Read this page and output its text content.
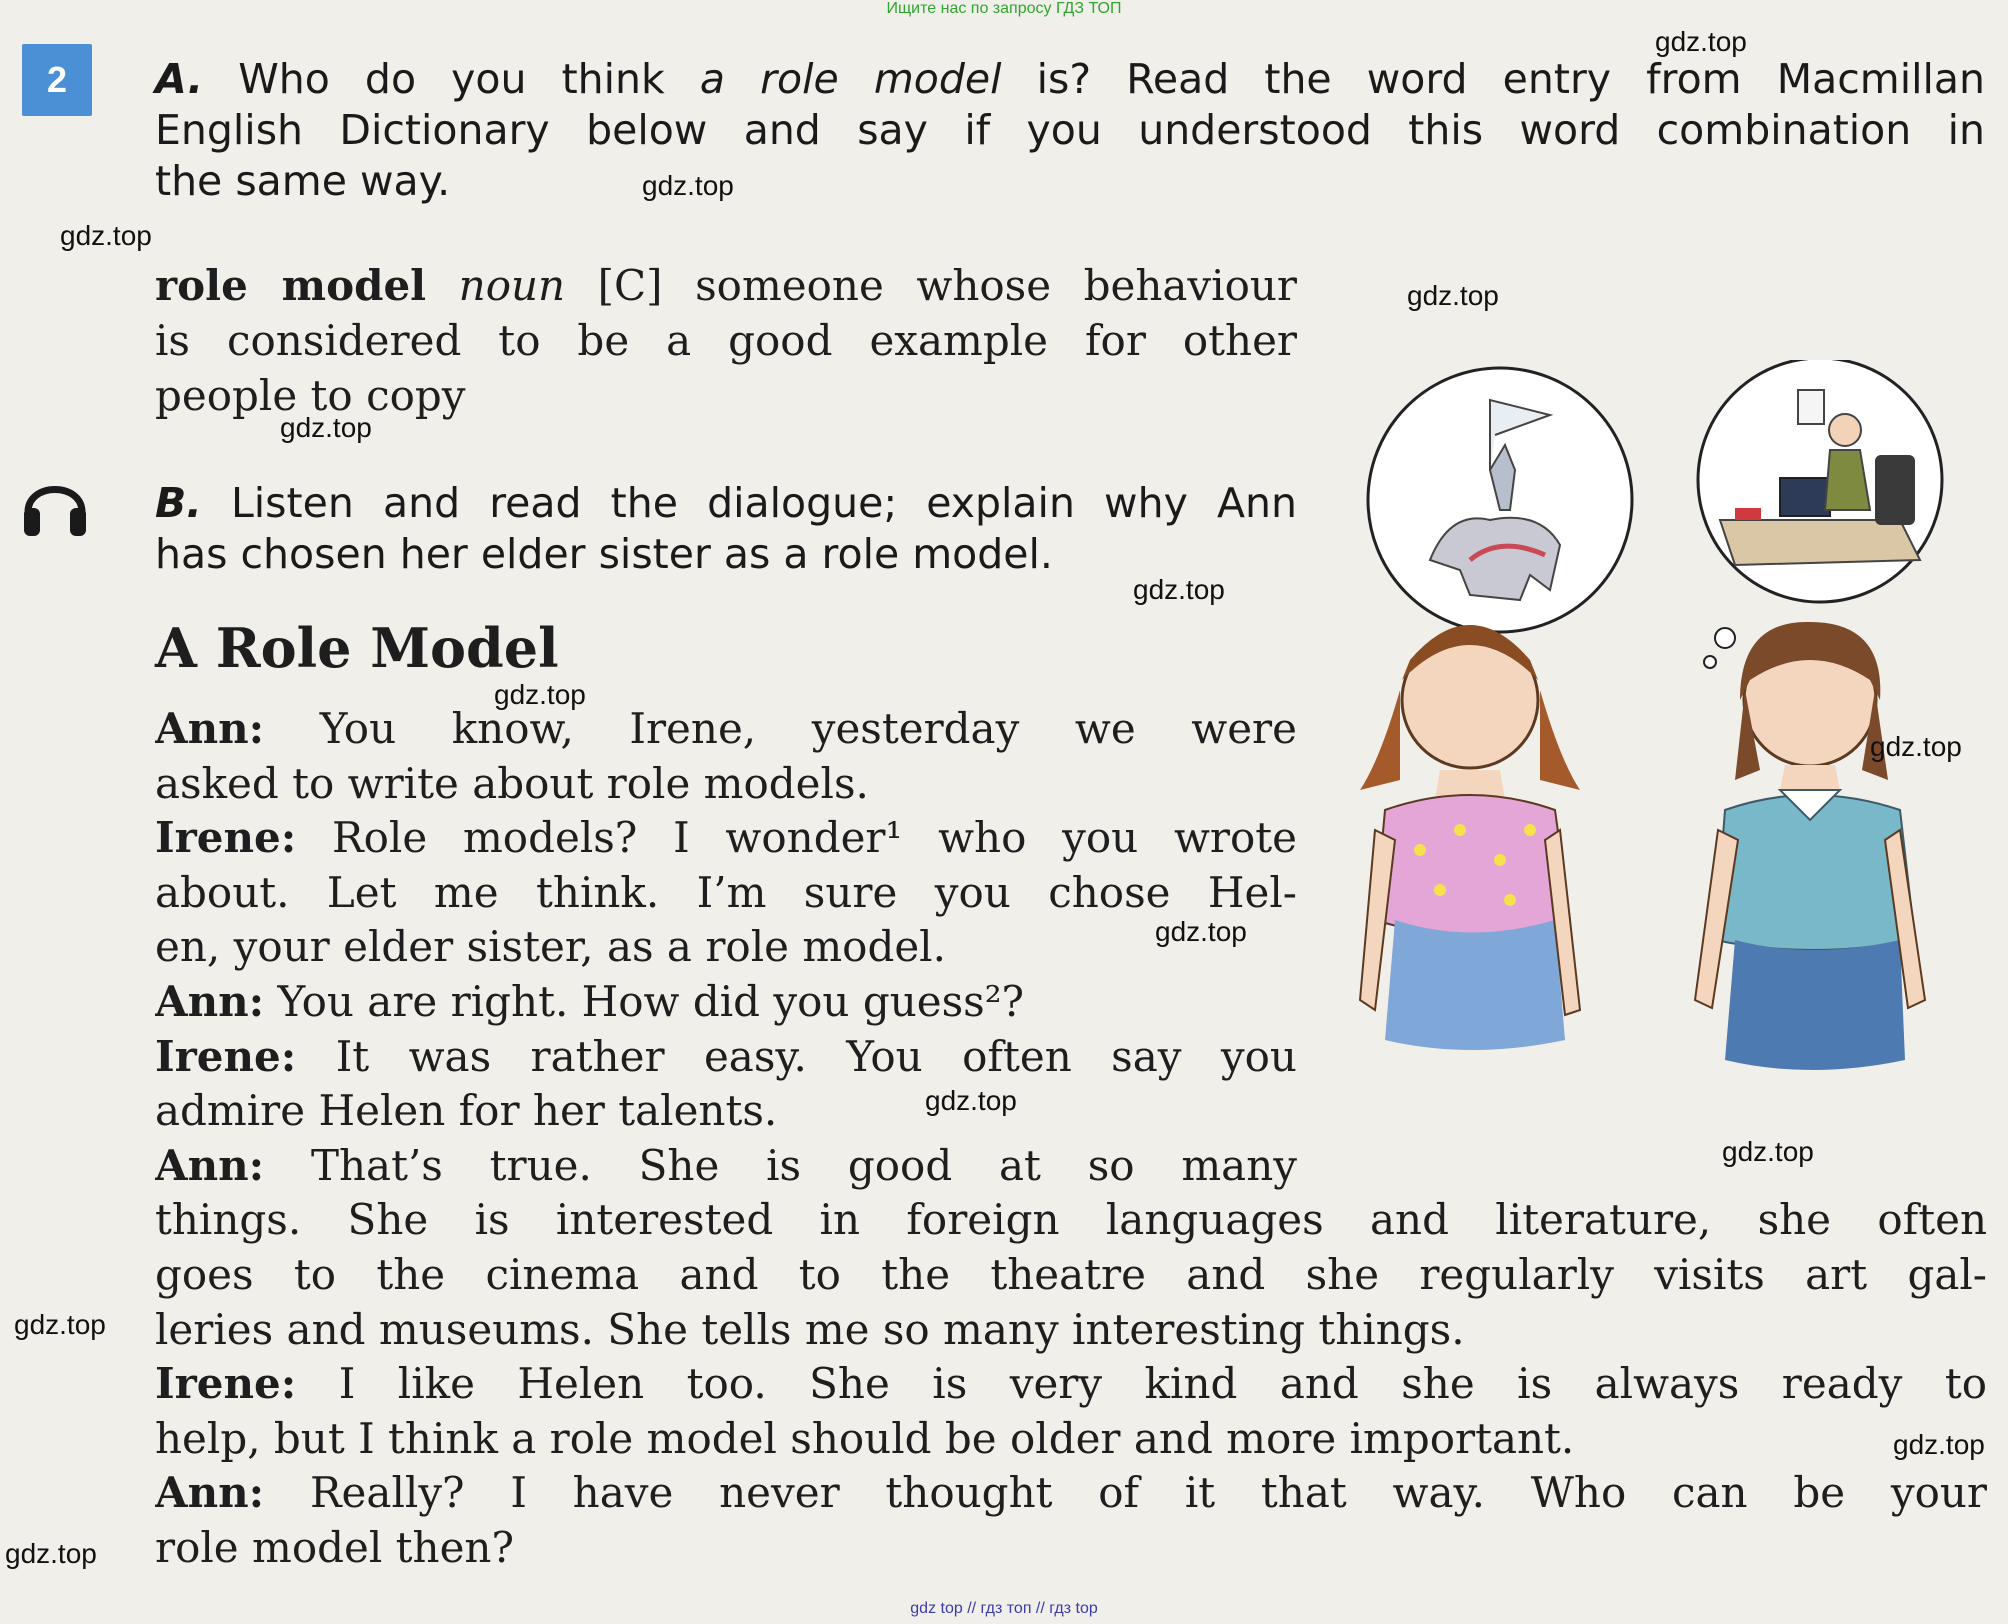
Ищите нас по запросу ГДЗ ТОП
2	A. Who do you think a role model is? Read the word entry from Macmillan
English Dictionary below and say if you understood this word combination in
the same way.
role model noun [C] someone whose behaviour
is considered to be a good example for other
people to copy
B. Listen and read the dialogue; explain why Ann
has chosen her elder sister as a role model.
A Role Model
Ann: You know, Irene, yesterday we were
asked to write about role models.
Irene: Role models? I wonder¹ who you wrote
about. Let me think. I’m sure you chose Hel-
en, your elder sister, as a role model.
Ann: You are right. How did you guess²?
Irene: It was rather easy. You often say you
admire Helen for her talents.
Ann: That’s true. She is good at so many
things. She is interested in foreign languages and literature, she often
goes to the cinema and to the theatre and she regularly visits art gal-
leries and museums. She tells me so many interesting things.
Irene: I like Helen too. She is very kind and she is always ready to
help, but I think a role model should be older and more important.
Ann: Really? I have never thought of it that way. Who can be your
role model then?
gdz.top
gdz.top
gdz.top
gdz.top
gdz.top
gdz.top
gdz.top
gdz.top
gdz.top
gdz.top
gdz.top
gdz.top
gdz.top
gdz.top
gdz top // гдз топ // гдз top
